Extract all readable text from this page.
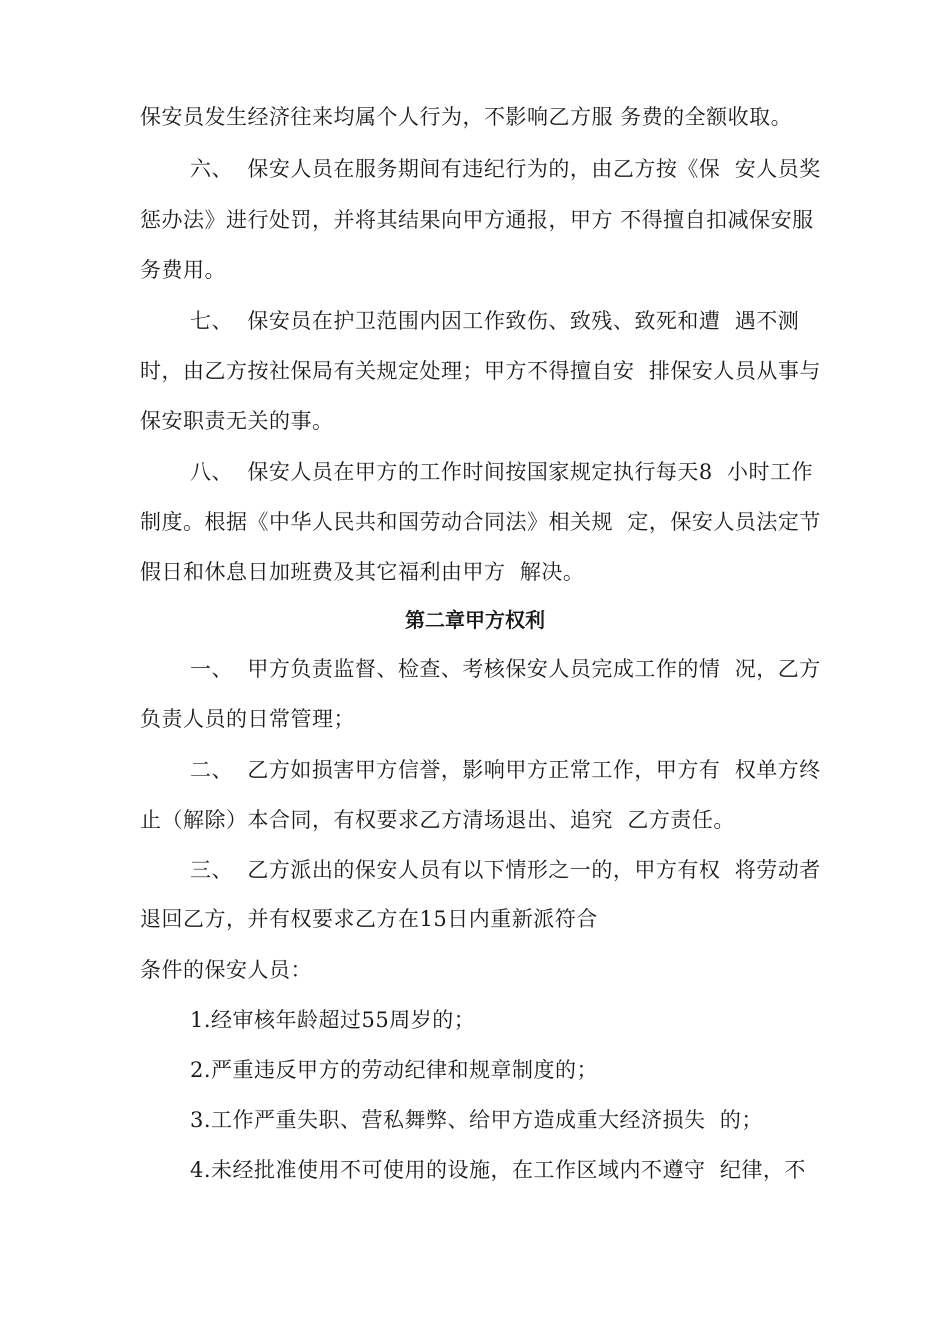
保安员发生经济往来均属个人行为，不影响乙方服 务费的全额收取。
六、  保安人员在服务期间有违纪行为的，由乙方按《保  安人员奖
惩办法》进行处罚，并将其结果向甲方通报，甲方 不得擅自扣减保安服
务费用。
七、  保安员在护卫范围内因工作致伤、致残、致死和遭  遇不测
时，由乙方按社保局有关规定处理；甲方不得擅自安  排保安人员从事与
保安职责无关的事。
八、  保安人员在甲方的工作时间按国家规定执行每天8  小时工作
制度。根据《中华人民共和国劳动合同法》相关规  定，保安人员法定节
假日和休息日加班费及其它福利由甲方  解决。
第二章甲方权利
一、  甲方负责监督、检查、考核保安人员完成工作的情  况，乙方
负责人员的日常管理；
二、  乙方如损害甲方信誉，影响甲方正常工作，甲方有  权单方终
止（解除）本合同，有权要求乙方清场退出、追究  乙方责任。
三、  乙方派出的保安人员有以下情形之一的，甲方有权  将劳动者
退回乙方，并有权要求乙方在15日内重新派符合
条件的保安人员：
1.经审核年龄超过55周岁的；
2.严重违反甲方的劳动纪律和规章制度的；
3.工作严重失职、营私舞弊、给甲方造成重大经济损失  的；
4.未经批准使用不可使用的设施，在工作区域内不遵守  纪律，不
